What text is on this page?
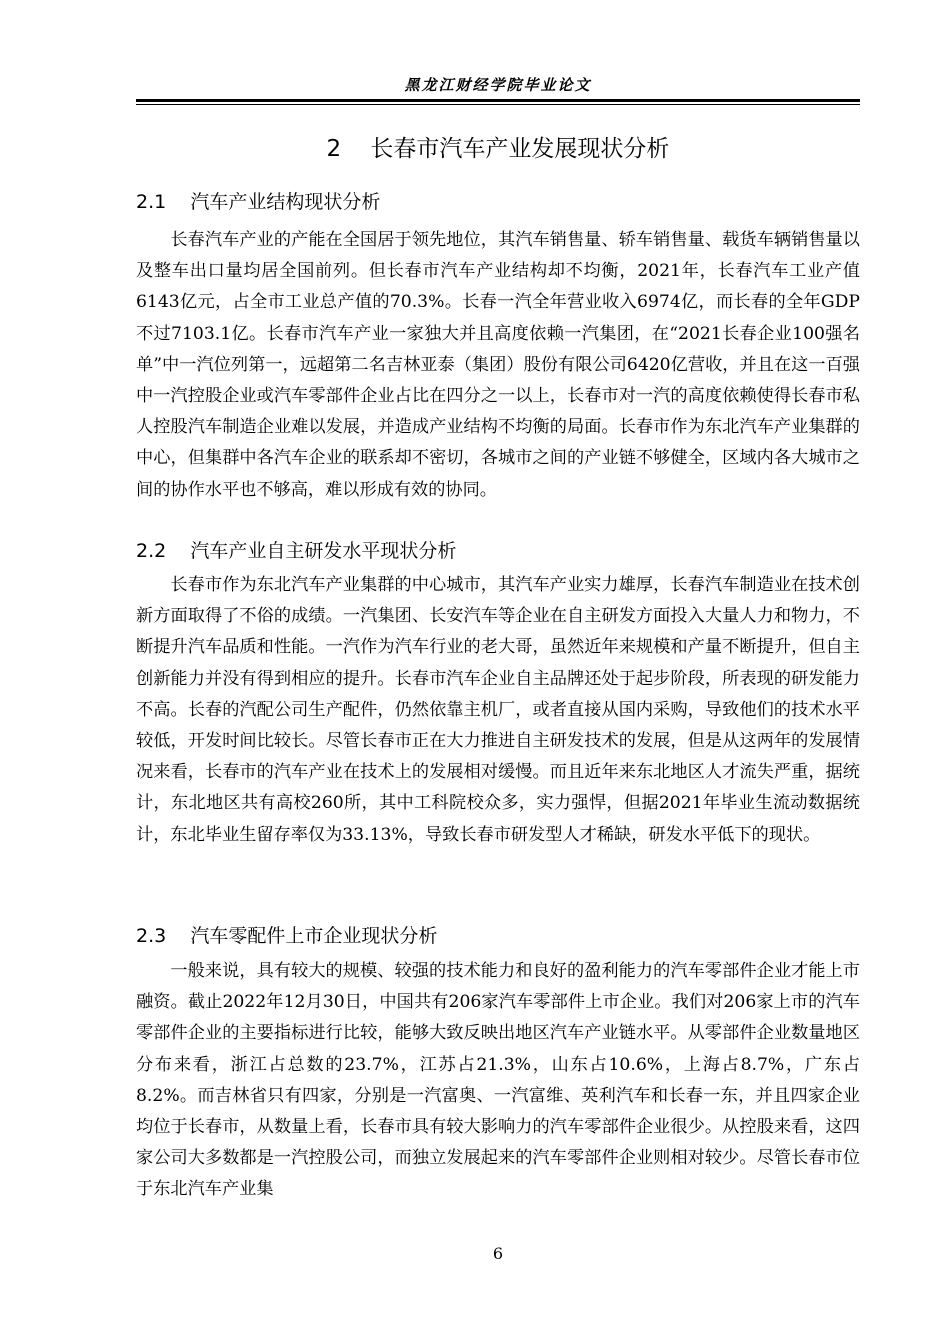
黑龙江财经学院毕业论文
2    长春市汽车产业发展现状分析
2.1    汽车产业结构现状分析
长春汽车产业的产能在全国居于领先地位，其汽车销售量、轿车销售量、载货车辆销售量以及整车出口量均居全国前列。但长春市汽车产业结构却不均衡，2021年，长春汽车工业产值6143亿元，占全市工业总产值的70.3%。长春一汽全年营业收入6974亿，而长春的全年GDP不过7103.1亿。长春市汽车产业一家独大并且高度依赖一汽集团，在“2021长春企业100强名单”中一汽位列第一，远超第二名吉林亚泰（集团）股份有限公司6420亿营收，并且在这一百强中一汽控股企业或汽车零部件企业占比在四分之一以上，长春市对一汽的高度依赖使得长春市私人控股汽车制造企业难以发展，并造成产业结构不均衡的局面。长春市作为东北汽车产业集群的中心，但集群中各汽车企业的联系却不密切，各城市之间的产业链不够健全，区域内各大城市之间的协作水平也不够高，难以形成有效的协同。
2.2    汽车产业自主研发水平现状分析
长春市作为东北汽车产业集群的中心城市，其汽车产业实力雄厚，长春汽车制造业在技术创新方面取得了不俗的成绩。一汽集团、长安汽车等企业在自主研发方面投入大量人力和物力，不断提升汽车品质和性能。一汽作为汽车行业的老大哥，虽然近年来规模和产量不断提升，但自主创新能力并没有得到相应的提升。长春市汽车企业自主品牌还处于起步阶段，所表现的研发能力不高。长春的汽配公司生产配件，仍然依靠主机厂，或者直接从国内采购，导致他们的技术水平较低，开发时间比较长。尽管长春市正在大力推进自主研发技术的发展，但是从这两年的发展情况来看，长春市的汽车产业在技术上的发展相对缓慢。而且近年来东北地区人才流失严重，据统计，东北地区共有高校260所，其中工科院校众多，实力强悍，但据2021年毕业生流动数据统计，东北毕业生留存率仅为33.13%，导致长春市研发型人才稀缺，研发水平低下的现状。
2.3    汽车零配件上市企业现状分析
一般来说，具有较大的规模、较强的技术能力和良好的盈利能力的汽车零部件企业才能上市融资。截止2022年12月30日，中国共有206家汽车零部件上市企业。我们对206家上市的汽车零部件企业的主要指标进行比较，能够大致反映出地区汽车产业链水平。从零部件企业数量地区分布来看，浙江占总数的23.7%，江苏占21.3%，山东占10.6%，上海占8.7%，广东占8.2%。而吉林省只有四家，分别是一汽富奥、一汽富维、英利汽车和长春一东，并且四家企业均位于长春市，从数量上看，长春市具有较大影响力的汽车零部件企业很少。从控股来看，这四家公司大多数都是一汽控股公司，而独立发展起来的汽车零部件企业则相对较少。尽管长春市位于东北汽车产业集
6
